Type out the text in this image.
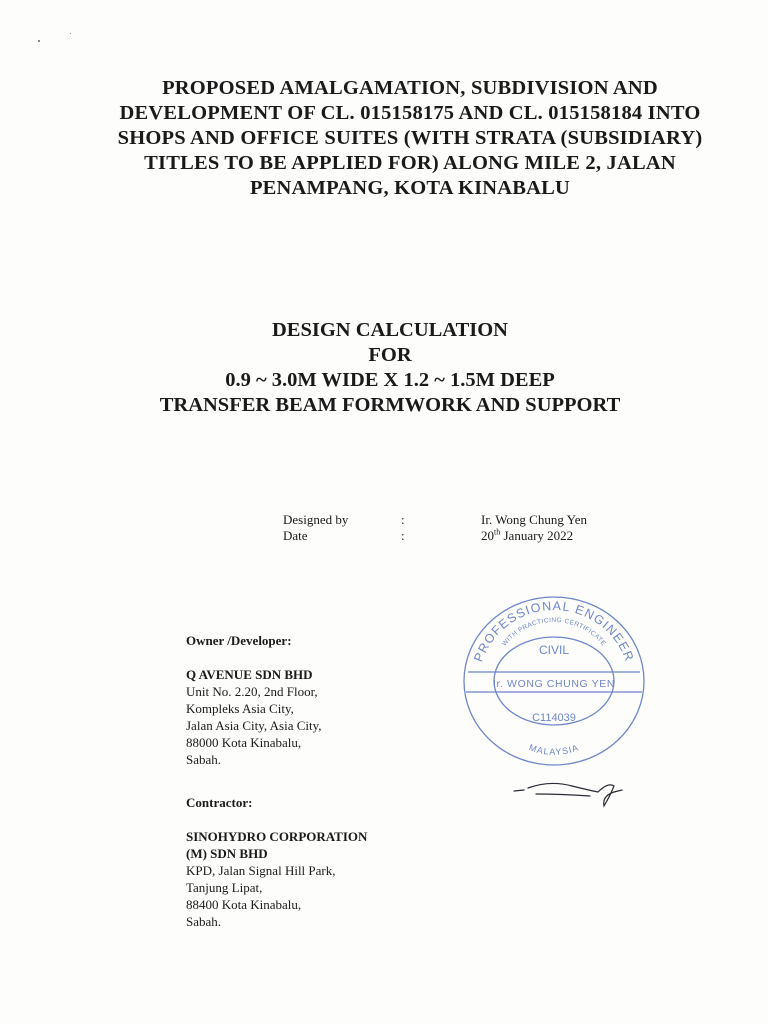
PROPOSED AMALGAMATION, SUBDIVISION AND DEVELOPMENT OF CL. 015158175 AND CL. 015158184 INTO SHOPS AND OFFICE SUITES (WITH STRATA (SUBSIDIARY) TITLES TO BE APPLIED FOR) ALONG MILE 2, JALAN PENAMPANG, KOTA KINABALU
DESIGN CALCULATION
FOR
0.9 ~ 3.0M WIDE X 1.2 ~ 1.5M DEEP
TRANSFER BEAM FORMWORK AND SUPPORT
Designed by	:	Ir. Wong Chung Yen
Date	:	20th January 2022
Owner /Developer:
Q AVENUE SDN BHD
Unit No. 2.20, 2nd Floor,
Kompleks Asia City,
Jalan Asia City, Asia City,
88000 Kota Kinabalu,
Sabah.
Contractor:
SINOHYDRO CORPORATION
(M) SDN BHD
KPD, Jalan Signal Hill Park,
Tanjung Lipat,
88400 Kota Kinabalu,
Sabah.
PROFESSIONAL ENGINEER
WITH PRACTICING CERTIFICATE
CIVIL
Ir. WONG CHUNG YEN
C114039
MALAYSIA
